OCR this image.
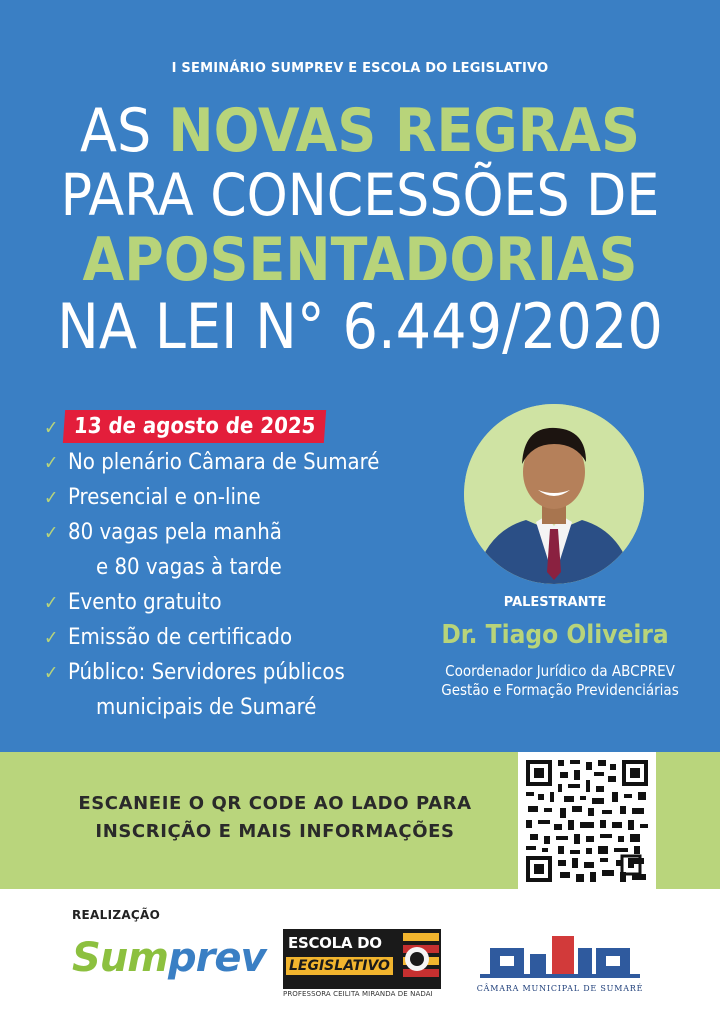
I SEMINÁRIO SUMPREV E ESCOLA DO LEGISLATIVO
AS NOVAS REGRAS
PARA CONCESSÕES DE
APOSENTADORIAS
NA LEI N° 6.449/2020
✓ 13 de agosto de 2025
✓ No plenário Câmara de Sumaré
✓ Presencial e on-line
✓ 80 vagas pela manhã
e 80 vagas à tarde
✓ Evento gratuito
✓ Emissão de certificado
✓ Público: Servidores públicos
municipais de Sumaré
PALESTRANTE
Dr. Tiago Oliveira
Coordenador Jurídico da ABCPREV
Gestão e Formação Previdenciárias
ESCANEIE O QR CODE AO LADO PARA
INSCRIÇÃO E MAIS INFORMAÇÕES
REALIZAÇÃO
Sumprev ESCOLA DO
LEGISLATIVO
PROFESSORA CEILITA MIRANDA DE NADAI
CÂMARA MUNICIPAL DE SUMARÉ
